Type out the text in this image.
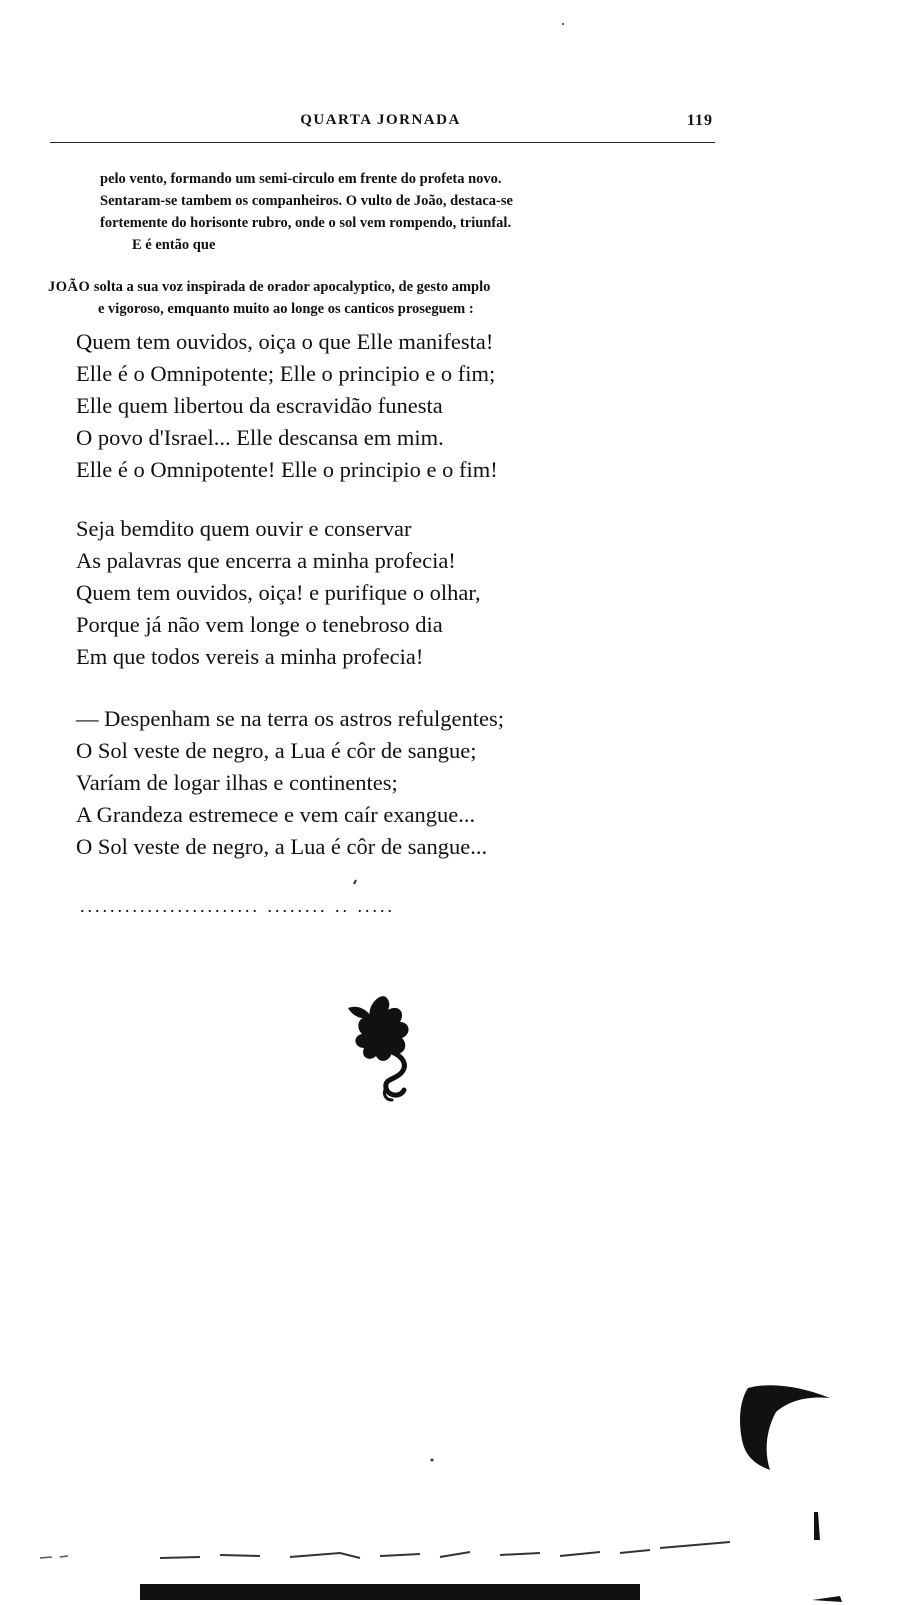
QUARTA JORNADA	119
pelo vento, formando um semi-circulo em frente do profeta novo.
Sentaram-se tambem os companheiros. O vulto de João, destaca-se
fortemente do horisonte rubro, onde o sol vem rompendo, triunfal.
E é então que
JOÃO solta a sua voz inspirada de orador apocalyptico, de gesto amplo
e vigoroso, emquanto muito ao longe os canticos proseguem :
Quem tem ouvidos, oiça o que Elle manifesta!
Elle é o Omnipotente; Elle o principio e o fim;
Elle quem libertou da escravidão funesta
O povo d'Israel... Elle descansa em mim.
Elle é o Omnipotente! Elle o principio e o fim!
Seja bemdito quem ouvir e conservar
As palavras que encerra a minha profecia!
Quem tem ouvidos, oiça! e purifique o olhar,
Porque já não vem longe o tenebroso dia
Em que todos vereis a minha profecia!
— Despenham se na terra os astros refulgentes;
O Sol veste de negro, a Lua é côr de sangue;
Varíam de logar ilhas e continentes;
A Grandeza estremece e vem caír exangue...
O Sol veste de negro, a Lua é côr de sangue...
........................ ........ .. .....
